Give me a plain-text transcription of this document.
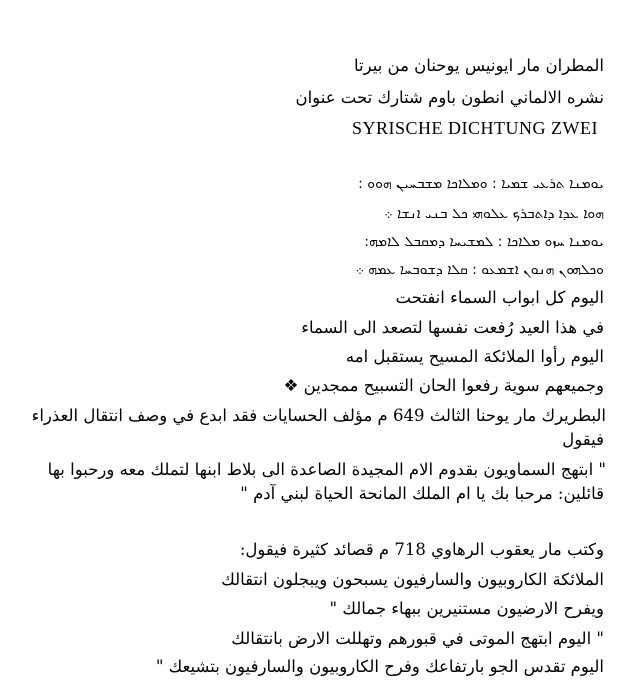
المطران مار ايونيس يوحنان من بيرتا
نشره الالماني انطون باوم شتارك تحت عنوان
SYRISCHE DICHTUNG ZWEI
ܝܘܡܢܐ ܬܪܥܝ ܫܡܝܐ : ܘܡܠܐܟܐ ܡܫܒܚܝܢ ܗܘܘ :
ܗܘܐ ܥܕܐ ܕܐܬܒܪܟ ܥܠܘܗܝ ܟܠ ܒܢܝ ܐܢܫܐ ܀
ܝܘܡܢܐ ܚܙܘ ܡܠܐܟܐ : ܠܡܫܝܚܐ ܕܡܩܒܠ ܠܐܡܗ:
ܘܟܠܗܘܢ ܗܢܘܢ ܐܫܡܥܘ : ܩܠܐ ܕܫܘܒܚܐ ܥܡܗ ܀
اليوم كل ابواب السماء انفتحت
في هذا العيد رُفعت نفسها لتصعد الى السماء
اليوم رأوا الملائكة المسيح يستقبل امه
وجميعهم سوية رفعوا الحان التسبيح ممجدين ❖
البطريرك مار يوحنا الثالث 649 م مؤلف الحسايات فقد ابدع في وصف انتقال العذراء
فيقول
" ابتهج السماويون بقدوم الام المجيدة الصاعدة الى بلاط ابنها لتملك معه ورحبوا بها
قائلين: مرحبا بك يا ام الملك المانحة الحياة لبني آدم "
وكتب مار يعقوب الرهاوي 718 م قصائد كثيرة فيقول:
الملائكة الكاروبيون والسارفيون يسبحون ويبجلون انتقالك
ويفرح الارضيون مستنيرين ببهاء جمالك "
" اليوم ابتهج الموتى في قبورهم وتهللت الارض بانتقالك
اليوم تقدس الجو بارتفاعك وفرح الكاروبيون والسارفيون بتشيعك "
